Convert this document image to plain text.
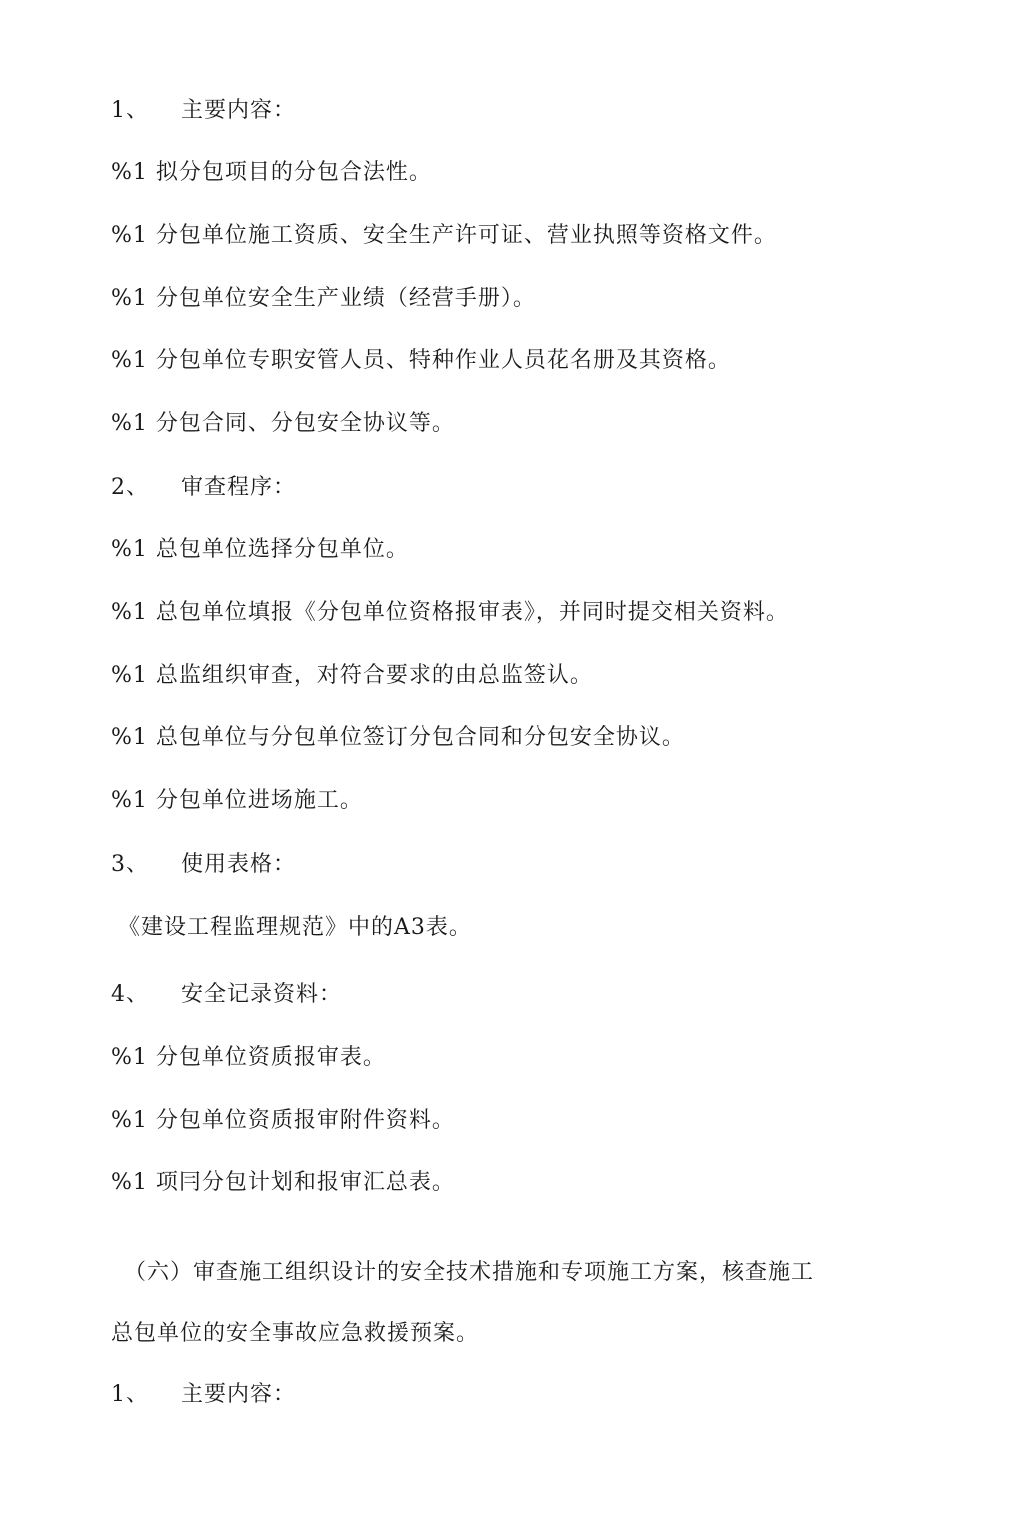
1、 主要内容：
%1 拟分包项目的分包合法性。
%1 分包单位施工资质、安全生产许可证、营业执照等资格文件。
%1 分包单位安全生产业绩（经营手册）。
%1 分包单位专职安管人员、特种作业人员花名册及其资格。
%1 分包合同、分包安全协议等。
2、 审查程序：
%1 总包单位选择分包单位。
%1 总包单位填报《分包单位资格报审表》，并同时提交相关资料。
%1 总监组织审查，对符合要求的由总监签认。
%1 总包单位与分包单位签订分包合同和分包安全协议。
%1 分包单位进场施工。
3、 使用表格：
《建设工程监理规范》中的A3表。
4、 安全记录资料：
%1 分包单位资质报审表。
%1 分包单位资质报审附件资料。
%1 项冃分包计划和报审汇总表。
（六）审查施工组织设计的安全技术措施和专项施工方案，核查施工
总包单位的安全事故应急救援预案。
1、 主要内容：
